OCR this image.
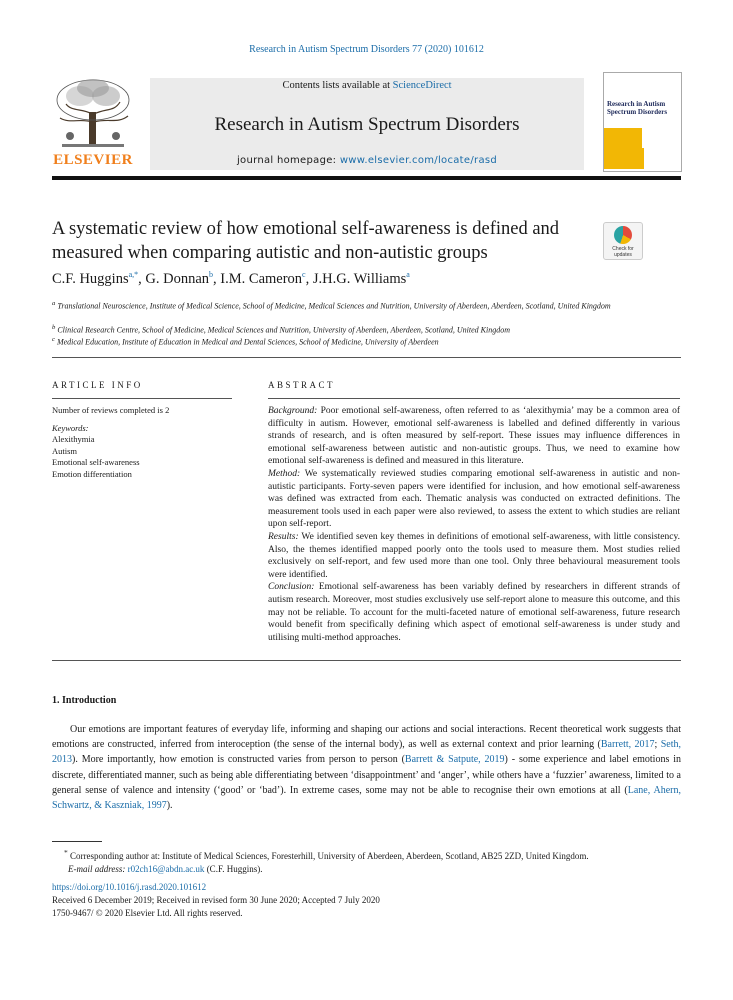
Research in Autism Spectrum Disorders 77 (2020) 101612
ELSEVIER
Contents lists available at ScienceDirect
Research in Autism Spectrum Disorders
journal homepage: www.elsevier.com/locate/rasd
Research in Autism Spectrum Disorders
A systematic review of how emotional self-awareness is defined and measured when comparing autistic and non-autistic groups	Check for updates
C.F. Huggins$^{a,*}$, G. Donnan$^b$, I.M. Cameron$^c$, J.H.G. Williams$^a$
$^a$ Translational Neuroscience, Institute of Medical Science, School of Medicine, Medical Sciences and Nutrition, University of Aberdeen, Aberdeen, Scotland, United Kingdom
$^b$ Clinical Research Centre, School of Medicine, Medical Sciences and Nutrition, University of Aberdeen, Aberdeen, Scotland, United Kingdom
$^c$ Medical Education, Institute of Education in Medical and Dental Sciences, School of Medicine, University of Aberdeen
ARTICLE INFO	ABSTRACT
Number of reviews completed is 2
Keywords:
Alexithymia
Autism
Emotional self-awareness
Emotion differentiation

Background: Poor emotional self-awareness, often referred to as ‘alexithymia’ may be a common area of difficulty in autism. However, emotional self-awareness is labelled and defined differently in various strands of research, and is often measured by self-report. These issues may influence differences in emotional self-awareness between autistic and non-autistic groups. Thus, we need to examine how emotional self-awareness is defined and measured in this literature.

Method: We systematically reviewed studies comparing emotional self-awareness in autistic and non-autistic participants. Forty-seven papers were identified for inclusion, and how emotional self-awareness was defined was extracted from each. Thematic analysis was conducted on extracted definitions. The measurement tools used in each paper were also reviewed, to assess the extent to which studies are reliant upon self-report.

Results: We identified seven key themes in definitions of emotional self-awareness, with little consistency. Also, the themes identified mapped poorly onto the tools used to measure them. Most studies relied exclusively on self-report, and few used more than one tool. Only three behavioural measurement tools were identified.

Conclusion: Emotional self-awareness has been variably defined by researchers in different strands of autism research. Moreover, most studies exclusively use self-report alone to measure this outcome, and this may not be reliable. To account for the multi-faceted nature of emotional self-awareness, future research would benefit from specifically defining which aspect of emotional self-awareness is under study and utilising multi-method approaches.

1. Introduction
Our emotions are important features of everyday life, informing and shaping our actions and social interactions. Recent theoretical work suggests that emotions are constructed, inferred from interoception (the sense of the internal body), as well as external context and prior learning (Barrett, 2017; Seth, 2013). More importantly, how emotion is constructed varies from person to person (Barrett & Satpute, 2019) - some experience and label emotions in discrete, differentiated manner, such as being able differentiating between ‘disappointment’ and ‘anger’, while others have a ‘fuzzier’ awareness, limited to a general sense of valence and intensity (‘good’ or ‘bad’). In extreme cases, some may not be able to recognise their own emotions at all (Lane, Ahern, Schwartz, & Kaszniak, 1997).
* Corresponding author at: Institute of Medical Sciences, Foresterhill, University of Aberdeen, Aberdeen, Scotland, AB25 2ZD, United Kingdom.
E-mail address: r02ch16@abdn.ac.uk (C.F. Huggins).
https://doi.org/10.1016/j.rasd.2020.101612
Received 6 December 2019; Received in revised form 30 June 2020; Accepted 7 July 2020
1750-9467/ © 2020 Elsevier Ltd. All rights reserved.
